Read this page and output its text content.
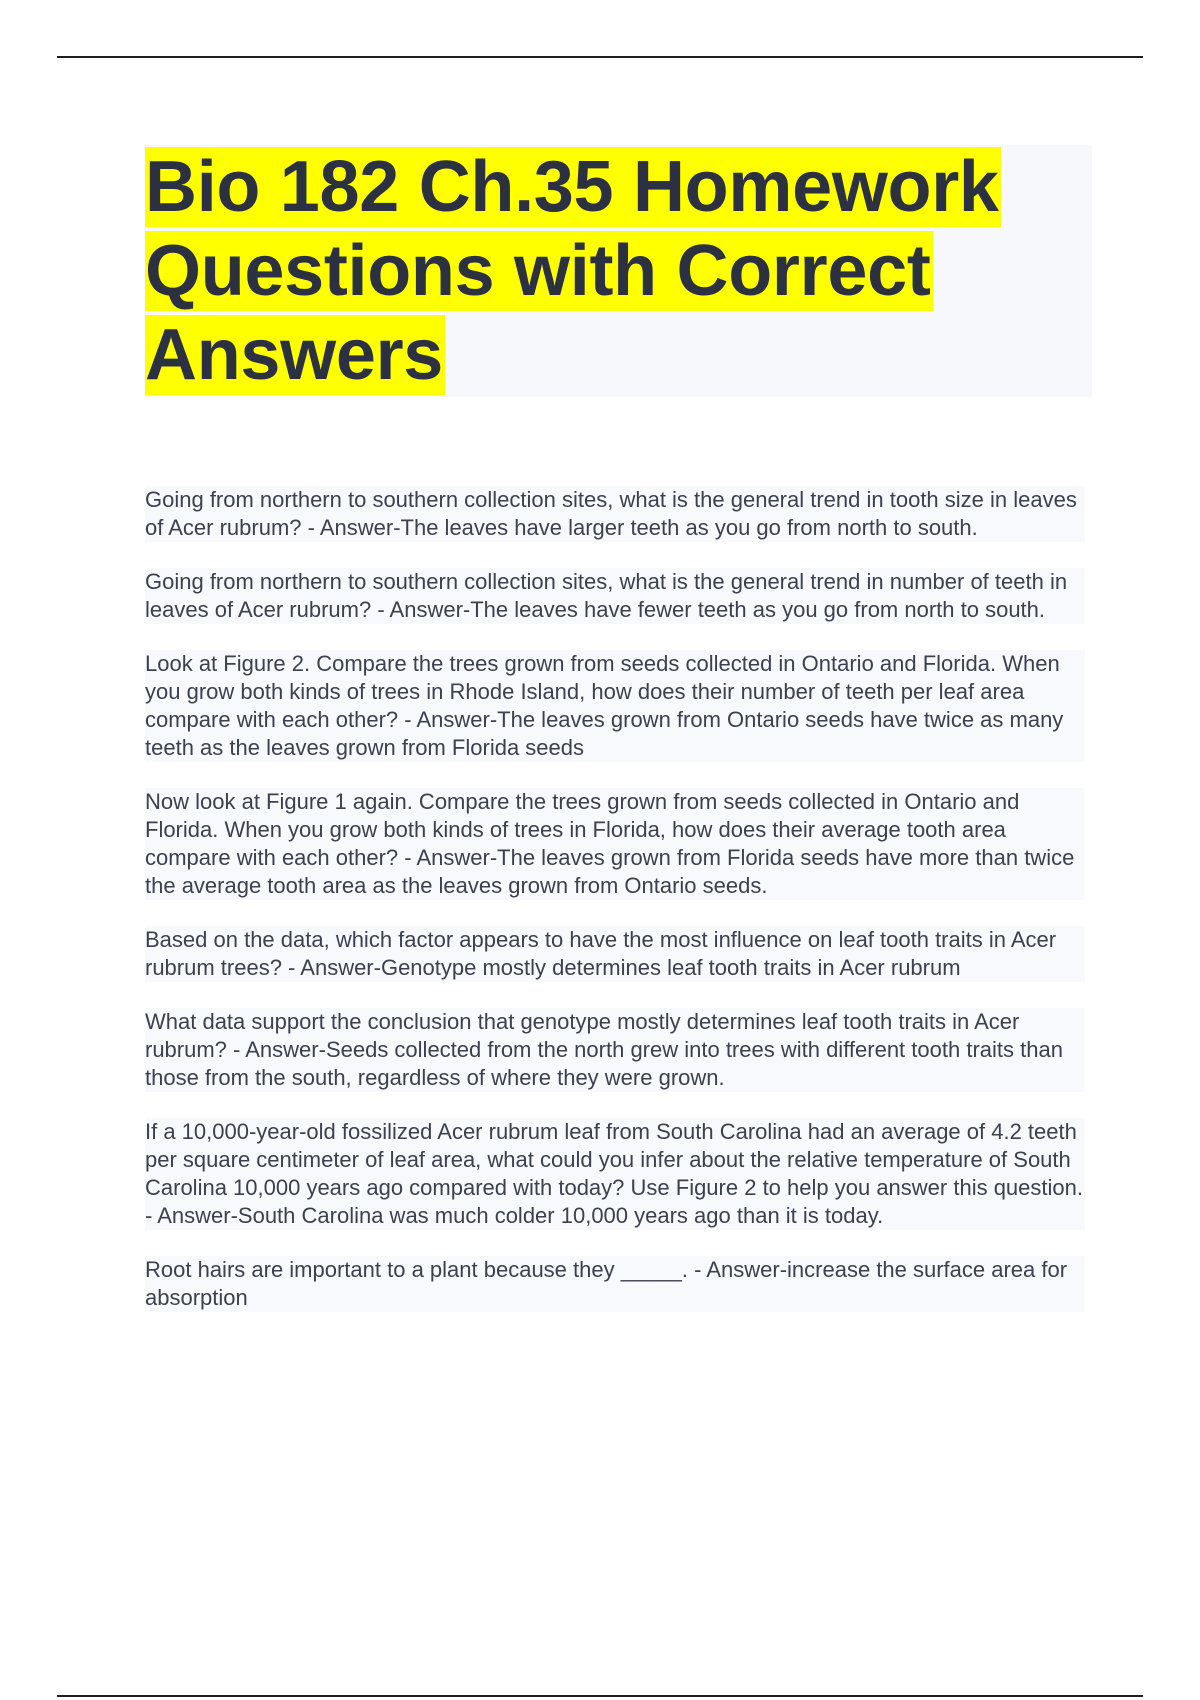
Bio 182 Ch.35 Homework Questions with Correct Answers

Going from northern to southern collection sites, what is the general trend in tooth size in leaves of Acer rubrum? - Answer-The leaves have larger teeth as you go from north to south.

Going from northern to southern collection sites, what is the general trend in number of teeth in leaves of Acer rubrum? - Answer-The leaves have fewer teeth as you go from north to south.

Look at Figure 2. Compare the trees grown from seeds collected in Ontario and Florida. When you grow both kinds of trees in Rhode Island, how does their number of teeth per leaf area compare with each other? - Answer-The leaves grown from Ontario seeds have twice as many teeth as the leaves grown from Florida seeds

Now look at Figure 1 again. Compare the trees grown from seeds collected in Ontario and Florida. When you grow both kinds of trees in Florida, how does their average tooth area compare with each other? - Answer-The leaves grown from Florida seeds have more than twice the average tooth area as the leaves grown from Ontario seeds.

Based on the data, which factor appears to have the most influence on leaf tooth traits in Acer rubrum trees? - Answer-Genotype mostly determines leaf tooth traits in Acer rubrum

What data support the conclusion that genotype mostly determines leaf tooth traits in Acer rubrum? - Answer-Seeds collected from the north grew into trees with different tooth traits than those from the south, regardless of where they were grown.

If a 10,000-year-old fossilized Acer rubrum leaf from South Carolina had an average of 4.2 teeth per square centimeter of leaf area, what could you infer about the relative temperature of South Carolina 10,000 years ago compared with today? Use Figure 2 to help you answer this question. - Answer-South Carolina was much colder 10,000 years ago than it is today.

Root hairs are important to a plant because they _____. - Answer-increase the surface area for absorption
